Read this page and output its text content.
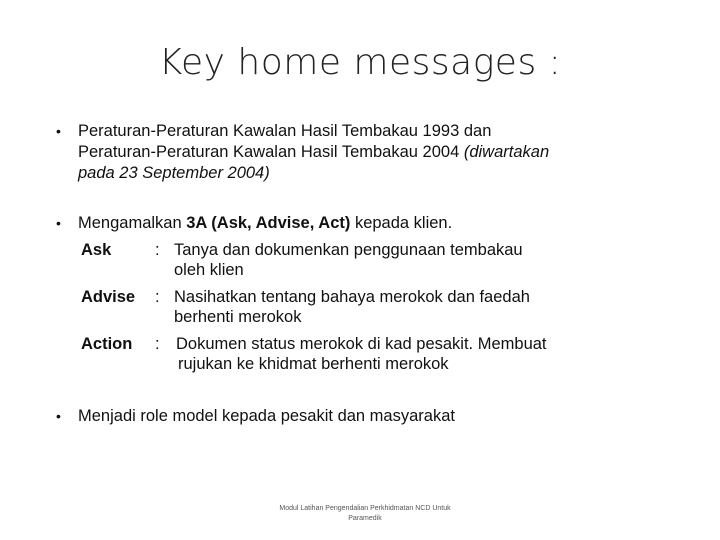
Key home messages :
• Peraturan-Peraturan Kawalan Hasil Tembakau 1993 dan
Peraturan-Peraturan Kawalan Hasil Tembakau 2004 (diwartakan
pada 23 September 2004)
• Mengamalkan 3A (Ask, Advise, Act) kepada klien.
Ask	: Tanya dan dokumenkan penggunaan tembakau
oleh klien
Advise : Nasihatkan tentang bahaya merokok dan faedah
berhenti merokok
Action : Dokumen status merokok di kad pesakit. Membuat
rujukan ke khidmat berhenti merokok
• Menjadi role model kepada pesakit dan masyarakat
Modul Latihan Pengendalian Perkhidmatan NCD Untuk
Paramedik
